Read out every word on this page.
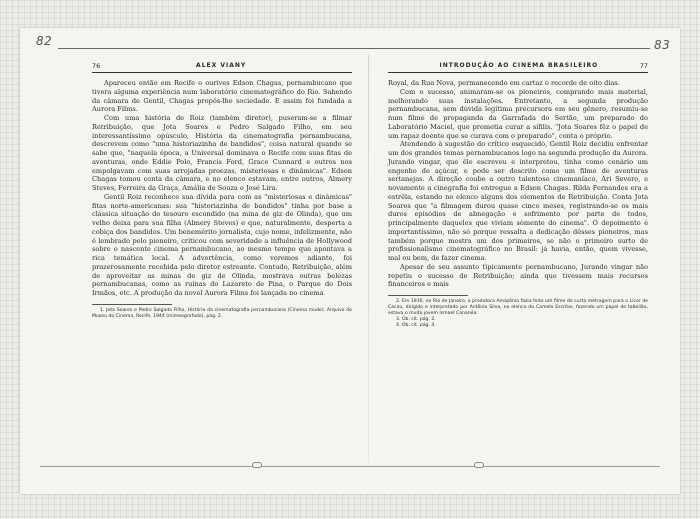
82	83
76	ALEX VIANY

Apareceu então em Recife o ourives Edson Chagas, pernambucano que tivera alguma experiência num laboratório cinematográfico do Rio. Sabendo da câmara de Gentil, Chagas propôs-lhe sociedade. E assim foi fundada a Aurora Films.

Com uma história de Roiz (também diretor), puseram-se a filmar Retribuição, que Jota Soares e Pedro Salgado Filho, em seu interessantíssimo opúsculo, História da cinematografia pernambucana, descrevem como "uma historiazinha de bandidos", coisa natural quando se sabe que, "naquela época, a Universal dominava o Recife com suas fitas de aventuras, onde Eddie Polo, Francis Ford, Grace Cunnard e outros nos empolgavam com suas arrojadas proezas, misteriosas e dinâmicas". Edson Chagas tomou conta da câmara, e no elenco estavam, entre outros, Almery Steves, Ferreira da Graça, Amália de Souza e José Lira.

Gentil Roiz reconhece sua dívida para com as "misteriosas e dinâmicas" fitas norte-americanas: sua "historiazinha de bandidos" tinha por base a clássica situação do tesouro escondido (na mina de giz de Olinda), que um velho deixa para sua filha (Almery Steves) e que, naturalmente, desperta a cobiça dos bandidos. Um benemérito jornalista, cujo nome, infelizmente, não é lembrado pelo pioneiro, criticou com severidade a influência de Hollywood sobre o nascente cinema pernambucano, ao mesmo tempo que apontava a rica temática local. A advertência, como veremos adiante, foi prazerosamente recebida pelo diretor estreante. Contudo, Retribuição, além de aproveitar as minas de giz de Olinda, mostrava outras belezas pernambucanas, como as ruínas do Lazareto de Pina, o Parque do Dois Irmãos, etc. A produção da novel Aurora Films foi lançada no cinema

1. Jota Soares e Pedro Salgado Filho, História da cinematografia pernambucana (Cinema mudo). Arquivo do Museu do Cinema, Recife, 1944 (mimeografado), pág. 2.

INTRODUÇÃO AO CINEMA BRASILEIRO	77

Royal, da Rua Nova, permanecendo em cartaz o recorde de oito dias.

Com o sucesso, animaram-se os pioneiros, comprando mais material, melhorando suas instalações. Entretanto, a segunda produção pernambucana, sem dúvida legítima precursora em seu gênero, resumiu-se num filme de propaganda da Garrafada do Sertão, um preparado do Laboratório Maciel, que prometia curar a sífilis. "Jota Soares fêz o papel de um rapaz doente que se curava com o preparado", conta o próprio.

Atendendo à sugestão do crítico esquecido, Gentil Roiz decidiu enfrentar um dos grandes temas pernambucanos logo na segunda produção da Aurora. Jurando vingar, que êle escreveu e interpretou, tinha como cenário um engenho de açúcar, e pode ser descrito como um filme de aventuras sertanejas. A direção coube a outro talentoso cinemaníaco, Ari Severo, e novamente a cinegrafia foi entregue a Edson Chagas. Rilda Fernandes era a estrêla, estando no elenco alguns dos elementos de Retribuição. Conta Jota Soares que "a filmagem durou quase cinco meses, registrando-se os mais duros episódios de abnegação e sofrimento por parte de todos, principalmente daqueles que viviam sòmente do cinema". O depoimento é importantíssimo, não só porque ressalta a dedicação dêsses pioneiros, mas também porque mostra um dos primeiros, se não o primeiro surto de profissionalismo cinematográfico no Brasil: já havia, então, quem vivesse, mal ou bem, de fazer cinema.

Apesar de seu assunto tìpicamente pernambucano, Jurando vingar não repetiu o sucesso de Retribuição; ainda que tivessem mais recursos financeiros e mais

2. Em 1930, no Rio de Janeiro, a produtora Amazônia fazia feito um filme de curta metragem para o Licor de Cacau, dirigido e interpretado por Antônio Silva, no elenco do Camelo Escritor, fazendo um papel de tabelião, estava o muito jovem Ismael Cananéa.

3. Ob. cit. pág. 2.

4. Ob. cit. pág. 4.
